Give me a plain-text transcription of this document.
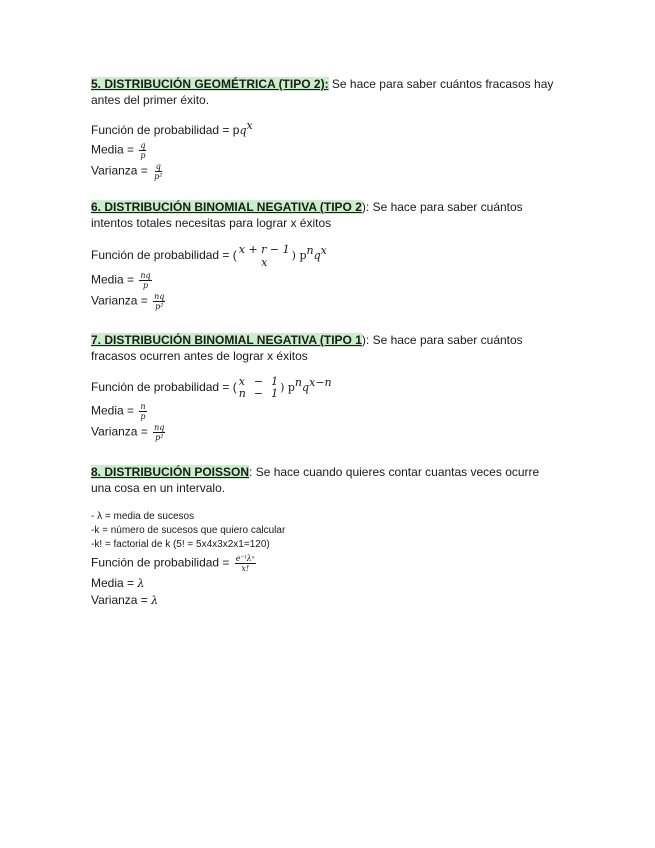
5. DISTRIBUCIÓN GEOMÉTRICA (TIPO 2): Se hace para saber cuántos fracasos hay
antes del primer éxito.
Función de probabilidad = $pq^x$
Media = $\frac{q}{p}$
Varianza = $\frac{q}{\text{p²}}$
6. DISTRIBUCIÓN BINOMIAL NEGATIVA (TIPO 2): Se hace para saber cuántos
intentos totales necesitas para lograr x éxitos
Función de probabilidad = ( x + r − 1
x
) $p^nq^x$
Media = $\frac{nq}{p}$
Varianza = $\frac{nq}{\text{p²}}$
7. DISTRIBUCIÓN BINOMIAL NEGATIVA (TIPO 1): Se hace para saber cuántos
fracasos ocurren antes de lograr x éxitos
Función de probabilidad = ( x − 1
n − 1 ) $p^nq^{x-n}$
Media = $\frac{n}{p}$
Varianza = $\frac{nq}{\text{p²}}$
8. DISTRIBUCIÓN POISSON: Se hace cuando quieres contar cuantas veces ocurre
una cosa en un intervalo.
- λ = media de sucesos
-k = número de sucesos que quiero calcular
-k! = factorial de k (5! = 5x4x3x2x1=120)
Función de probabilidad = $\frac{\text{e⁻ˡλˣ}}{x!}$
Media = λ
Varianza = λ
